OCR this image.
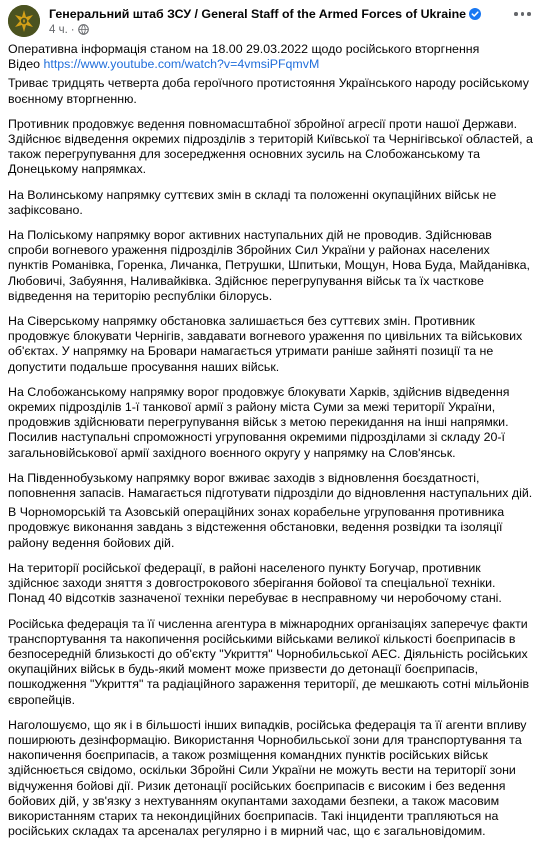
Генеральний штаб ЗСУ / General Staff of the Armed Forces of Ukraine
4 ч. ·

Оперативна інформація станом на 18.00 29.03.2022 щодо російського вторгнення
Відео https://www.youtube.com/watch?v=4vmsiPFqmvM

Триває тридцять четверта доба героїчного протистояння Українського народу російському воєнному вторгненню.

Противник продовжує ведення повномасштабної збройної агресії проти нашої Держави. Здійснює відведення окремих підрозділів з територій Київської та Чернігівської областей, а також перегрупування для зосередження основних зусиль на Слобожанському та Донецькому напрямках.

На Волинському напрямку суттєвих змін в складі та положенні окупаційних військ не зафіксовано.

На Поліському напрямку ворог активних наступальних дій не проводив. Здійснював спроби вогневого ураження підрозділів Збройних Сил України у районах населених пунктів Романівка, Горенка, Личанка, Петрушки, Шпитьки, Мощун, Нова Буда, Майданівка, Любовичі, Забуяння, Наливайківка. Здійснює перегрупування військ та їх часткове відведення на територію республіки білорусь.

На Сіверському напрямку обстановка залишається без суттєвих змін. Противник продовжує блокувати Чернігів, завдавати вогневого ураження по цивільних та військових об'єктах. У напрямку на Бровари намагається утримати раніше зайняті позиції та не допустити подальше просування наших військ.

На Слобожанському напрямку ворог продовжує блокувати Харків, здійснив відведення окремих підрозділів 1-ї танкової армії з району міста Суми за межі території України, продовжив здійснювати перегрупування військ з метою перекидання на інші напрямки. Посилив наступальні спроможності угруповання окремими підрозділами зі складу 20-ї загальновійськової армії західного воєнного округу у напрямку на Слов'янськ.

На Південнобузькому напрямку ворог вживає заходів з відновлення боєздатності, поповнення запасів. Намагається підготувати підрозділи до відновлення наступальних дій.

В Чорноморській та Азовській операційних зонах корабельне угруповання противника продовжує виконання завдань з відстеження обстановки, ведення розвідки та ізоляції району ведення бойових дій.

На території російської федерації, в районі населеного пункту Богучар, противник здійснює заходи зняття з довгострокового зберігання бойової та спеціальної техніки. Понад 40 відсотків зазначеної техніки перебуває в несправному чи неробочому стані.

Російська федерація та її численна агентура в міжнародних організаціях заперечує факти транспортування та накопичення російськими військами великої кількості боєприпасів в безпосередній близькості до об'єкту "Укриття" Чорнобильської АЕС. Діяльність російських окупаційних військ в будь-який момент може призвести до детонації боєприпасів, пошкодження "Укриття" та радіаційного зараження території, де мешкають сотні мільйонів європейців.

Наголошуємо, що як і в більшості інших випадків, російська федерація та її агенти впливу поширюють дезінформацію. Використання Чорнобильської зони для транспортування та накопичення боєприпасів, а також розміщення командних пунктів російських військ здійснюється свідомо, оскільки Збройні Сили України не можуть вести на території зони відчуження бойові дії. Ризик детонації російських боєприпасів є високим і без ведення бойових дій, у зв'язку з нехтуванням окупантами заходами безпеки, а також масовим використанням старих та некондиційних боєприпасів. Такі інциденти трапляються на російських складах та арсеналах регулярно і в мирний час, що є загальновідомим.
